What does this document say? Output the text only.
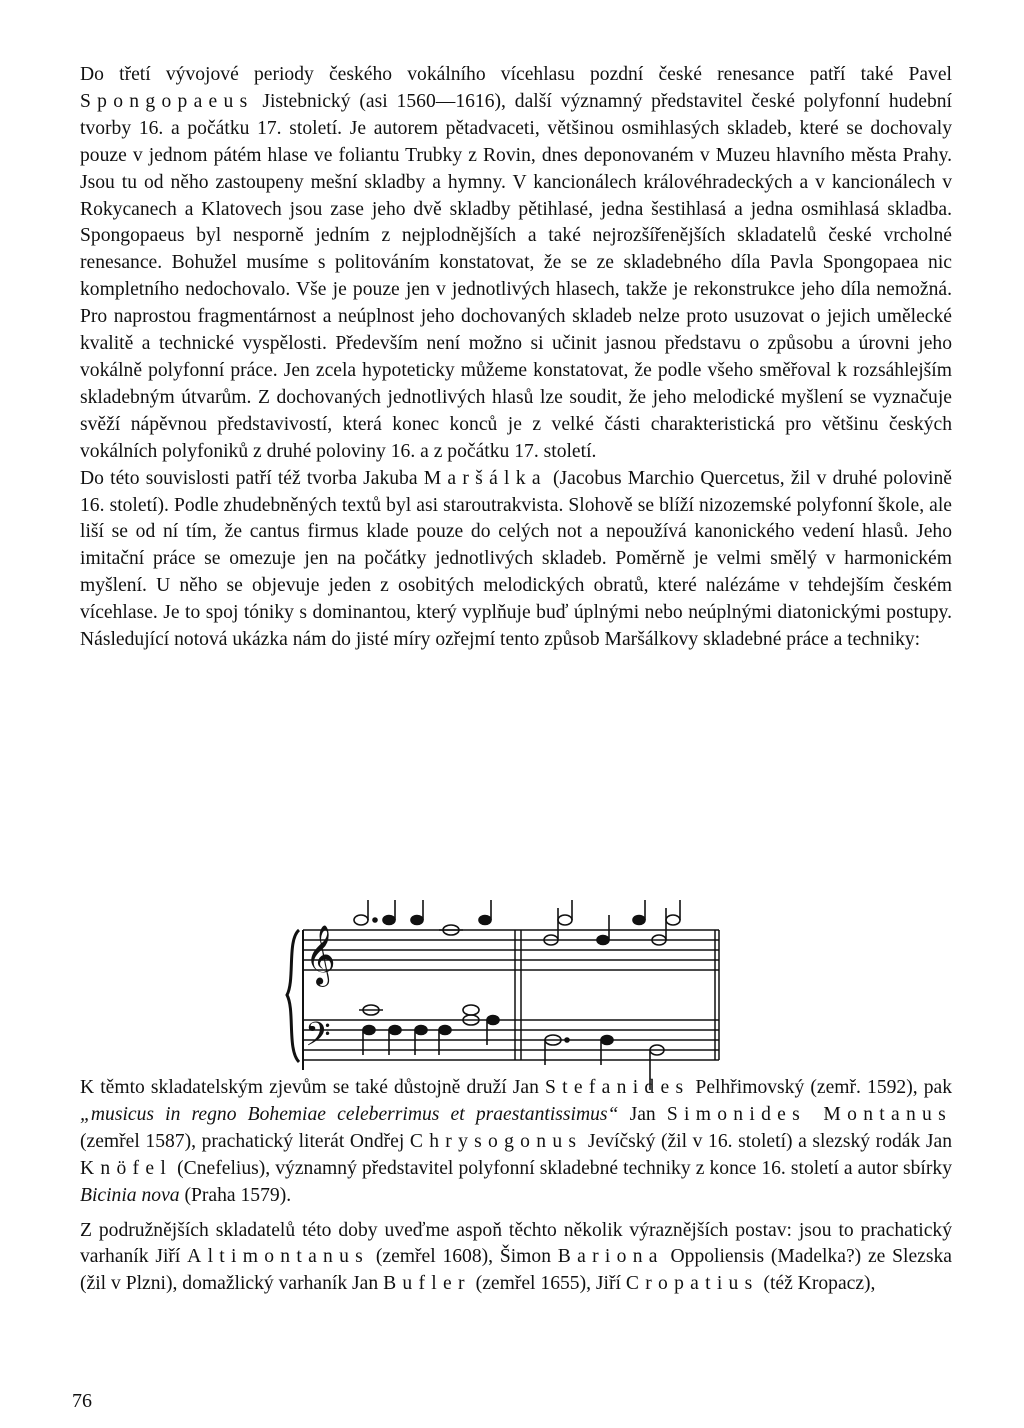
Do třetí vývojové periody českého vokálního vícehlasu pozdní české renesance patří také Pavel Spongopaeus Jistebnický (asi 1560—1616), další významný představitel české polyfonní hudební tvorby 16. a počátku 17. století. Je autorem pětadvaceti, většinou osmihlasých skladeb, které se dochovaly pouze v jednom pátém hlase ve foliantu Trubky z Rovin, dnes deponovaném v Muzeu hlavního města Prahy. Jsou tu od něho zastoupeny mešní skladby a hymny. V kancionálech královéhradeckých a v kancionálech v Rokycanech a Klatovech jsou zase jeho dvě skladby pětihlasé, jedna šestihlasá a jedna osmihlasá skladba. Spongopaeus byl nesporně jedním z nejplodnějších a také nejrozšířenějších skladatelů české vrcholné renesance. Bohužel musíme s politováním konstatovat, že se ze skladebného díla Pavla Spongopaea nic kompletního nedochovalo. Vše je pouze jen v jednotlivých hlasech, takže je rekonstrukce jeho díla nemožná. Pro naprostou fragmentárnost a neúplnost jeho dochovaných skladeb nelze proto usuzovat o jejich umělecké kvalitě a technické vyspělosti. Především není možno si učinit jasnou představu o způsobu a úrovni jeho vokálně polyfonní práce. Jen zcela hypoteticky můžeme konstatovat, že podle všeho směřoval k rozsáhlejším skladebným útvarům. Z dochovaných jednotlivých hlasů lze soudit, že jeho melodické myšlení se vyznačuje svěží nápěvnou představivostí, která konec konců je z velké části charakteristická pro většinu českých vokálních polyfoniků z druhé poloviny 16. a z počátku 17. století.

Do této souvislosti patří též tvorba Jakuba Maršálka (Jacobus Marchio Quercetus, žil v druhé polovině 16. století). Podle zhudebněných textů byl asi staroutrakvista. Slohově se blíží nizozemské polyfonní škole, ale liší se od ní tím, že cantus firmus klade pouze do celých not a nepoužívá kanonického vedení hlasů. Jeho imitační práce se omezuje jen na počátky jednotlivých skladeb. Poměrně je velmi smělý v harmonickém myšlení. U něho se objevuje jeden z osobitých melodických obratů, které nalézáme v tehdejším českém vícehlase. Je to spoj tóniky s dominantou, který vyplňuje buď úplnými nebo neúplnými diatonickými postupy. Následující notová ukázka nám do jisté míry ozřejmí tento způsob Maršálkovy skladebné práce a techniky:

𝄞
𝄢

K těmto skladatelským zjevům se také důstojně druží Jan Stefanides Pelhřimovský (zemř. 1592), pak „musicus in regno Bohemiae celeberrimus et praestantissimus“ Jan Simonides Montanus (zemřel 1587), prachatický literát Ondřej Chrysogonus Jevíčský (žil v 16. století) a slezský rodák Jan Knöfel (Cnefelius), významný představitel polyfonní skladebné techniky z konce 16. století a autor sbírky Bicinia nova (Praha 1579).

Z podružnějších skladatelů této doby uveďme aspoň těchto několik výraznějších postav: jsou to prachatický varhaník Jiří Altimontanus (zemřel 1608), Šimon Bariona Oppoliensis (Madelka?) ze Slezska (žil v Plzni), domažlický varhaník Jan Bufler (zemřel 1655), Jiří Cropatius (též Kropacz),

76
